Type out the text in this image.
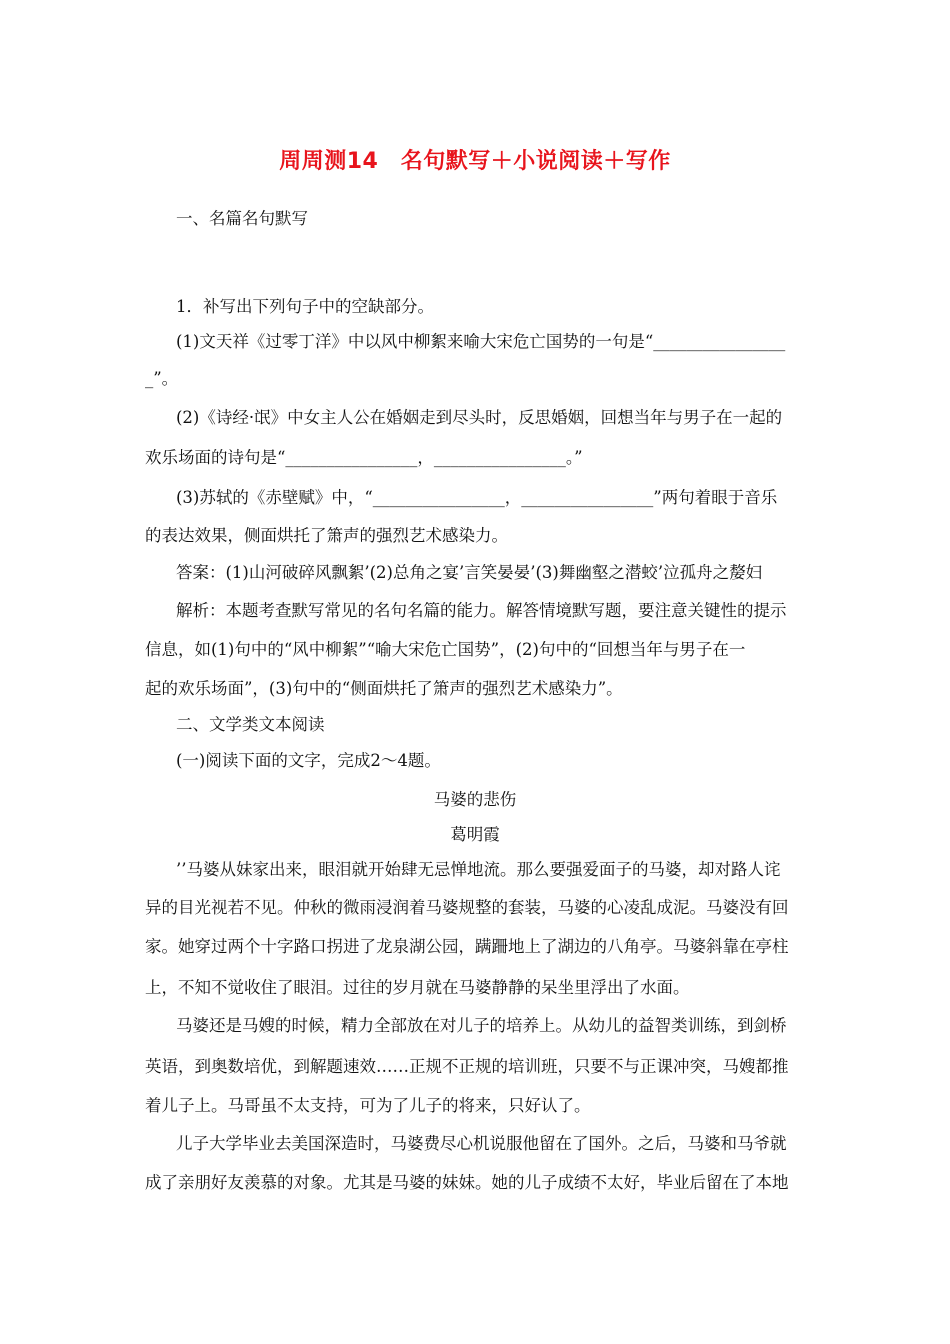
周周测14　名句默写＋小说阅读＋写作
一、名篇名句默写
1．补写出下列句子中的空缺部分。
(1)文天祥《过零丁洋》中以风中柳絮来喻大宋危亡国势的一句是“________________
_”。
(2)《诗经·氓》中女主人公在婚姻走到尽头时，反思婚姻，回想当年与男子在一起的
欢乐场面的诗句是“________________，________________。”
(3)苏轼的《赤壁赋》中，“________________，________________”两句着眼于音乐
的表达效果，侧面烘托了箫声的强烈艺术感染力。
答案：(1)山河破碎风飘絮’(2)总角之宴’言笑晏晏’(3)舞幽壑之潜蛟’泣孤舟之嫠妇
解析：本题考查默写常见的名句名篇的能力。解答情境默写题，要注意关键性的提示
信息，如(1)句中的“风中柳絮”“喻大宋危亡国势”，(2)句中的“回想当年与男子在一
起的欢乐场面”，(3)句中的“侧面烘托了箫声的强烈艺术感染力”。
二、文学类文本阅读
(一)阅读下面的文字，完成2～4题。
马婆的悲伤
葛明霞
’’马婆从妹家出来，眼泪就开始肆无忌惮地流。那么要强爱面子的马婆，却对路人诧
异的目光视若不见。仲秋的微雨浸润着马婆规整的套装，马婆的心凌乱成泥。马婆没有回
家。她穿过两个十字路口拐进了龙泉湖公园，蹒跚地上了湖边的八角亭。马婆斜靠在亭柱
上，不知不觉收住了眼泪。过往的岁月就在马婆静静的呆坐里浮出了水面。
马婆还是马嫂的时候，精力全部放在对儿子的培养上。从幼儿的益智类训练，到剑桥
英语，到奥数培优，到解题速效……正规不正规的培训班，只要不与正课冲突，马嫂都推
着儿子上。马哥虽不太支持，可为了儿子的将来，只好认了。
儿子大学毕业去美国深造时，马婆费尽心机说服他留在了国外。之后，马婆和马爷就
成了亲朋好友羡慕的对象。尤其是马婆的妹妹。她的儿子成绩不太好，毕业后留在了本地
